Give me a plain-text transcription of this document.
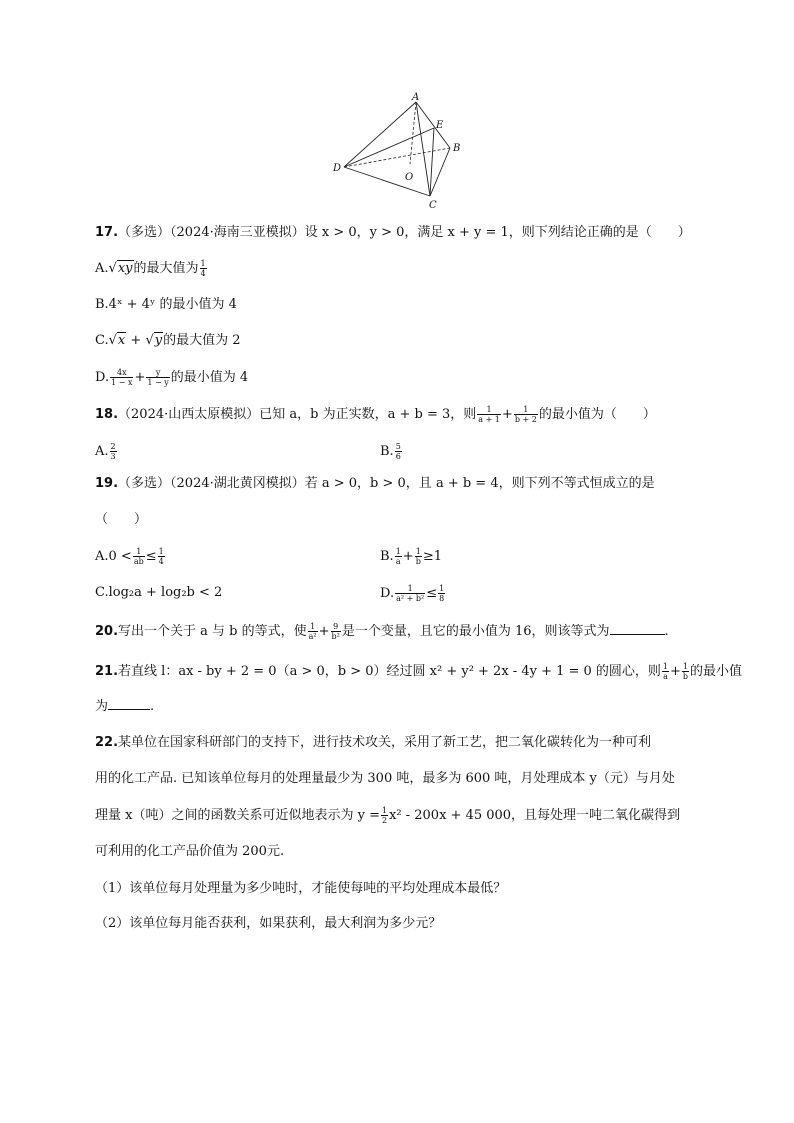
A
E
B
D
O
C
17.（多选）（2024·海南三亚模拟）设 x > 0，y > 0，满足 x + y = 1，则下列结论正确的是（　　）
A.√xy的最大值为 $\frac{1}{4}$
B.4ˣ + 4ʸ 的最小值为 4
C.√x + √y的最大值为 2
D. $\frac{4x}{1 - x} + \frac{y}{1 - y}$ 的最小值为 4
18.（2024·山西太原模拟）已知 a，b 为正实数，a + b = 3，则 $\frac{1}{a + 1} + \frac{1}{b + 2}$ 的最小值为（　　）
A. $\frac{2}{3}$	B. $\frac{5}{6}$
19.（多选）（2024·湖北黄冈模拟）若 a > 0，b > 0，且 a + b = 4，则下列不等式恒成立的是
（　　）
$A.0 < \frac{1}{ab} \le \frac{1}{4}$	B. $\frac{1}{a} + \frac{1}{b} \ge 1$
C.log₂a + log₂b < 2	D. $\frac{1}{\text{a² + b²}} \le \frac{1}{8}$
20.写出一个关于 a 与 b 的等式，使 $\frac{1}{\text{a²}} + \frac{9}{\text{b²}}$ 是一个变量，且它的最小值为 16，则该等式为	.
21.若直线 l：ax - by + 2 = 0（a > 0，b > 0）经过圆 x² + y² + 2x - 4y + 1 = 0 的圆心，则 $\frac{1}{a} + \frac{1}{b}$ 的最小值
为	.
22.某单位在国家科研部门的支持下，进行技术攻关，采用了新工艺，把二氧化碳转化为一种可利
用的化工产品. 已知该单位每月的处理量最少为 300 吨，最多为 600 吨，月处理成本 y（元）与月处
理量 x（吨）之间的函数关系可近似地表示为 $y = \frac{1}{2} x^2 - 200x + 45$ 000，且每处理一吨二氧化碳得到
可利用的化工产品价值为 200元.
（1）该单位每月处理量为多少吨时，才能使每吨的平均处理成本最低？
（2）该单位每月能否获利，如果获利，最大利润为多少元？
